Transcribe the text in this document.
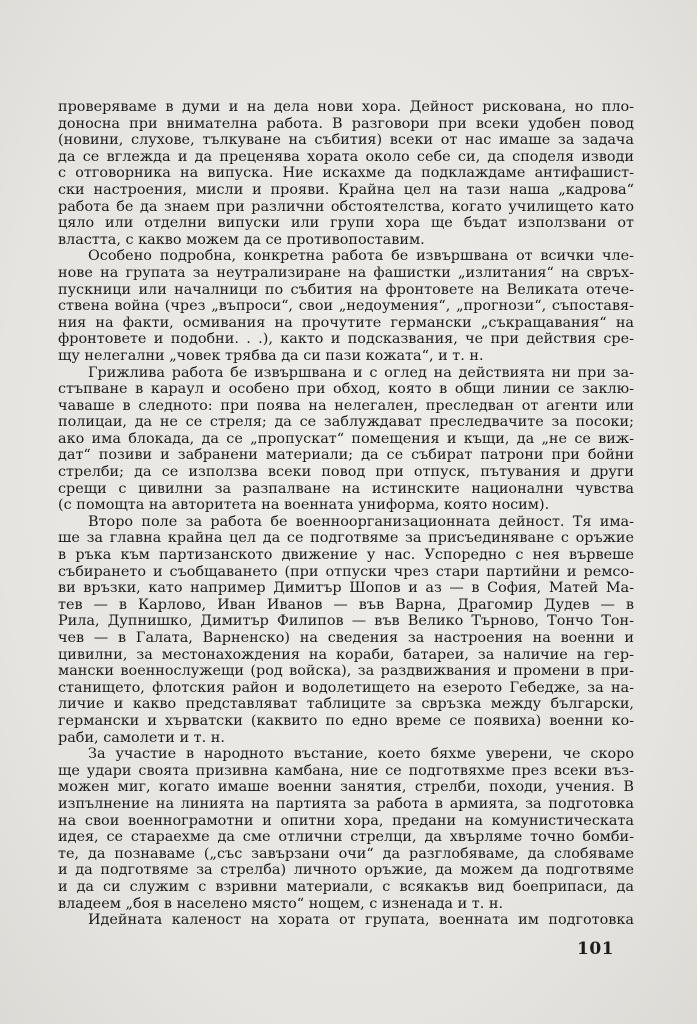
проверяваме в думи и на дела нови хора. Дейност рискована, но пло-
доносна при внимателна работа. В разговори при всеки удобен повод
(новини, слухове, тълкуване на събития) всеки от нас имаше за задача
да се вглежда и да преценява хората около себе си, да споделя изводи
с отговорника на випуска. Ние искахме да подклаждаме антифашист-
ски настроения, мисли и прояви. Крайна цел на тази наша „кадрова“
работа бе да знаем при различни обстоятелства, когато училището като
цяло или отделни випуски или групи хора ще бъдат използвани от
властта, с какво можем да се противопоставим.
Особено подробна, конкретна работа бе извършвана от всички чле-
нове на групата за неутрализиране на фашистки „излитания“ на свръх-
пускници или началници по събития на фронтовете на Великата отече-
ствена война (чрез „въпроси“, свои „недоумения“, „прогнози“, съпоставя-
ния на факти, осмивания на прочутите германски „съкращавания“ на
фронтовете и подобни. . .), както и подсказвания, че при действия сре-
щу нелегални „човек трябва да си пази кожата“, и т. н.
Грижлива работа бе извършвана и с оглед на действията ни при за-
стъпване в караул и особено при обход, която в общи линии се заклю-
чаваше в следното: при поява на нелегален, преследван от агенти или
полицаи, да не се стреля; да се заблуждават преследвачите за посоки;
ако има блокада, да се „пропускат“ помещения и къщи, да „не се виж-
дат“ позиви и забранени материали; да се събират патрони при бойни
стрелби; да се използва всеки повод при отпуск, пътувания и други
срещи с цивилни за разпалване на истинските национални чувства
(с помощта на авторитета на военната униформа, която носим).
Второ поле за работа бе военноорганизационната дейност. Тя има-
ше за главна крайна цел да се подготвяме за присъединяване с оръжие
в ръка към партизанското движение у нас. Успоредно с нея вървеше
събирането и съобщаването (при отпуски чрез стари партийни и ремсо-
ви връзки, като например Димитър Шопов и аз — в София, Матей Ма-
тев — в Карлово, Иван Иванов — във Варна, Драгомир Дудев — в
Рила, Дупнишко, Димитър Филипов — във Велико Търново, Тончо Тон-
чев — в Галата, Варненско) на сведения за настроения на военни и
цивилни, за местонахождения на кораби, батареи, за наличие на гер-
мански военнослужещи (род войска), за раздвижвания и промени в при-
станището, флотския район и водолетището на езерото Гебедже, за на-
личие и какво представляват таблиците за свръзка между български,
германски и хърватски (каквито по едно време се появиха) военни ко-
раби, самолети и т. н.
За участие в народното въстание, което бяхме уверени, че скоро
ще удари своята призивна камбана, ние се подготвяхме през всеки въз-
можен миг, когато имаше военни занятия, стрелби, походи, учения. В
изпълнение на линията на партията за работа в армията, за подготовка
на свои военнограмотни и опитни хора, предани на комунистическата
идея, се стараехме да сме отлични стрелци, да хвърляме точно бомби-
те, да познаваме („със завързани очи“ да разглобяваме, да слобяваме
и да подготвяме за стрелба) личното оръжие, да можем да подготвяме
и да си служим с взривни материали, с всякакъв вид боеприпаси, да
владеем „боя в населено място“ нощем, с изненада и т. н.
Идейната каленост на хората от групата, военната им подготовка
101
